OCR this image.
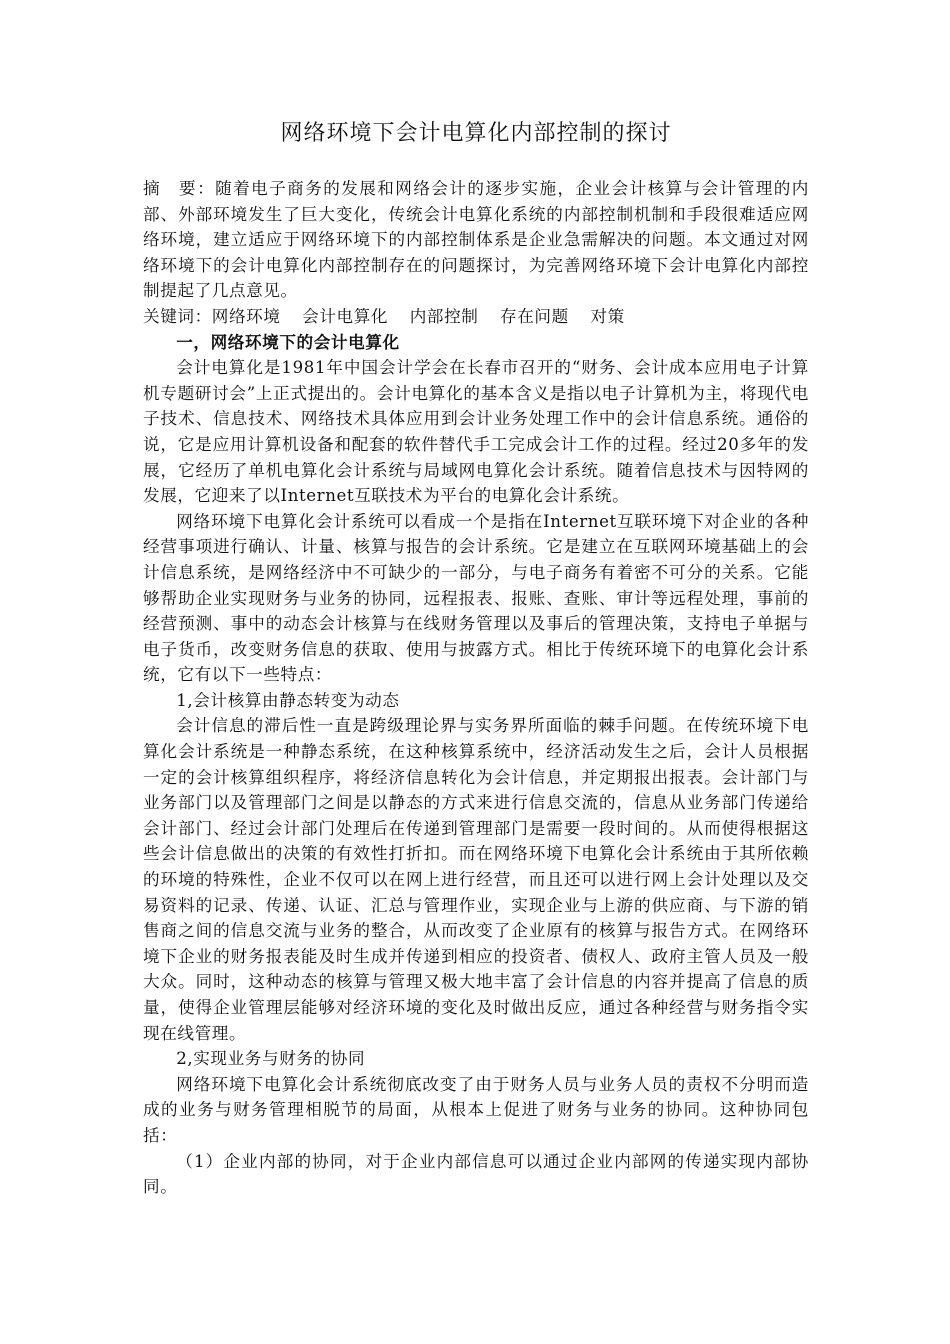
网络环境下会计电算化内部控制的探讨

摘　要：随着电子商务的发展和网络会计的逐步实施，企业会计核算与会计管理的内部、外部环境发生了巨大变化，传统会计电算化系统的内部控制机制和手段很难适应网络环境，建立适应于网络环境下的内部控制体系是企业急需解决的问题。本文通过对网络环境下的会计电算化内部控制存在的问题探讨，为完善网络环境下会计电算化内部控制提起了几点意见。

关键词：网络环境 会计电算化 内部控制 存在问题 对策

一，网络环境下的会计电算化

会计电算化是1981年中国会计学会在长春市召开的“财务、会计成本应用电子计算机专题研讨会”上正式提出的。会计电算化的基本含义是指以电子计算机为主，将现代电子技术、信息技术、网络技术具体应用到会计业务处理工作中的会计信息系统。通俗的说，它是应用计算机设备和配套的软件替代手工完成会计工作的过程。经过20多年的发展，它经历了单机电算化会计系统与局域网电算化会计系统。随着信息技术与因特网的发展，它迎来了以Internet互联技术为平台的电算化会计系统。

网络环境下电算化会计系统可以看成一个是指在Internet互联环境下对企业的各种经营事项进行确认、计量、核算与报告的会计系统。它是建立在互联网环境基础上的会计信息系统，是网络经济中不可缺少的一部分，与电子商务有着密不可分的关系。它能够帮助企业实现财务与业务的协同，远程报表、报账、查账、审计等远程处理，事前的经营预测、事中的动态会计核算与在线财务管理以及事后的管理决策，支持电子单据与电子货币，改变财务信息的获取、使用与披露方式。相比于传统环境下的电算化会计系统，它有以下一些特点：

1,会计核算由静态转变为动态

会计信息的滞后性一直是跨级理论界与实务界所面临的棘手问题。在传统环境下电算化会计系统是一种静态系统，在这种核算系统中，经济活动发生之后，会计人员根据一定的会计核算组织程序，将经济信息转化为会计信息，并定期报出报表。会计部门与业务部门以及管理部门之间是以静态的方式来进行信息交流的，信息从业务部门传递给会计部门、经过会计部门处理后在传递到管理部门是需要一段时间的。从而使得根据这些会计信息做出的决策的有效性打折扣。而在网络环境下电算化会计系统由于其所依赖的环境的特殊性，企业不仅可以在网上进行经营，而且还可以进行网上会计处理以及交易资料的记录、传递、认证、汇总与管理作业，实现企业与上游的供应商、与下游的销售商之间的信息交流与业务的整合，从而改变了企业原有的核算与报告方式。在网络环境下企业的财务报表能及时生成并传递到相应的投资者、债权人、政府主管人员及一般大众。同时，这种动态的核算与管理又极大地丰富了会计信息的内容并提高了信息的质量，使得企业管理层能够对经济环境的变化及时做出反应，通过各种经营与财务指令实现在线管理。

2,实现业务与财务的协同

网络环境下电算化会计系统彻底改变了由于财务人员与业务人员的责权不分明而造成的业务与财务管理相脱节的局面，从根本上促进了财务与业务的协同。这种协同包括：

（1）企业内部的协同，对于企业内部信息可以通过企业内部网的传递实现内部协同。
